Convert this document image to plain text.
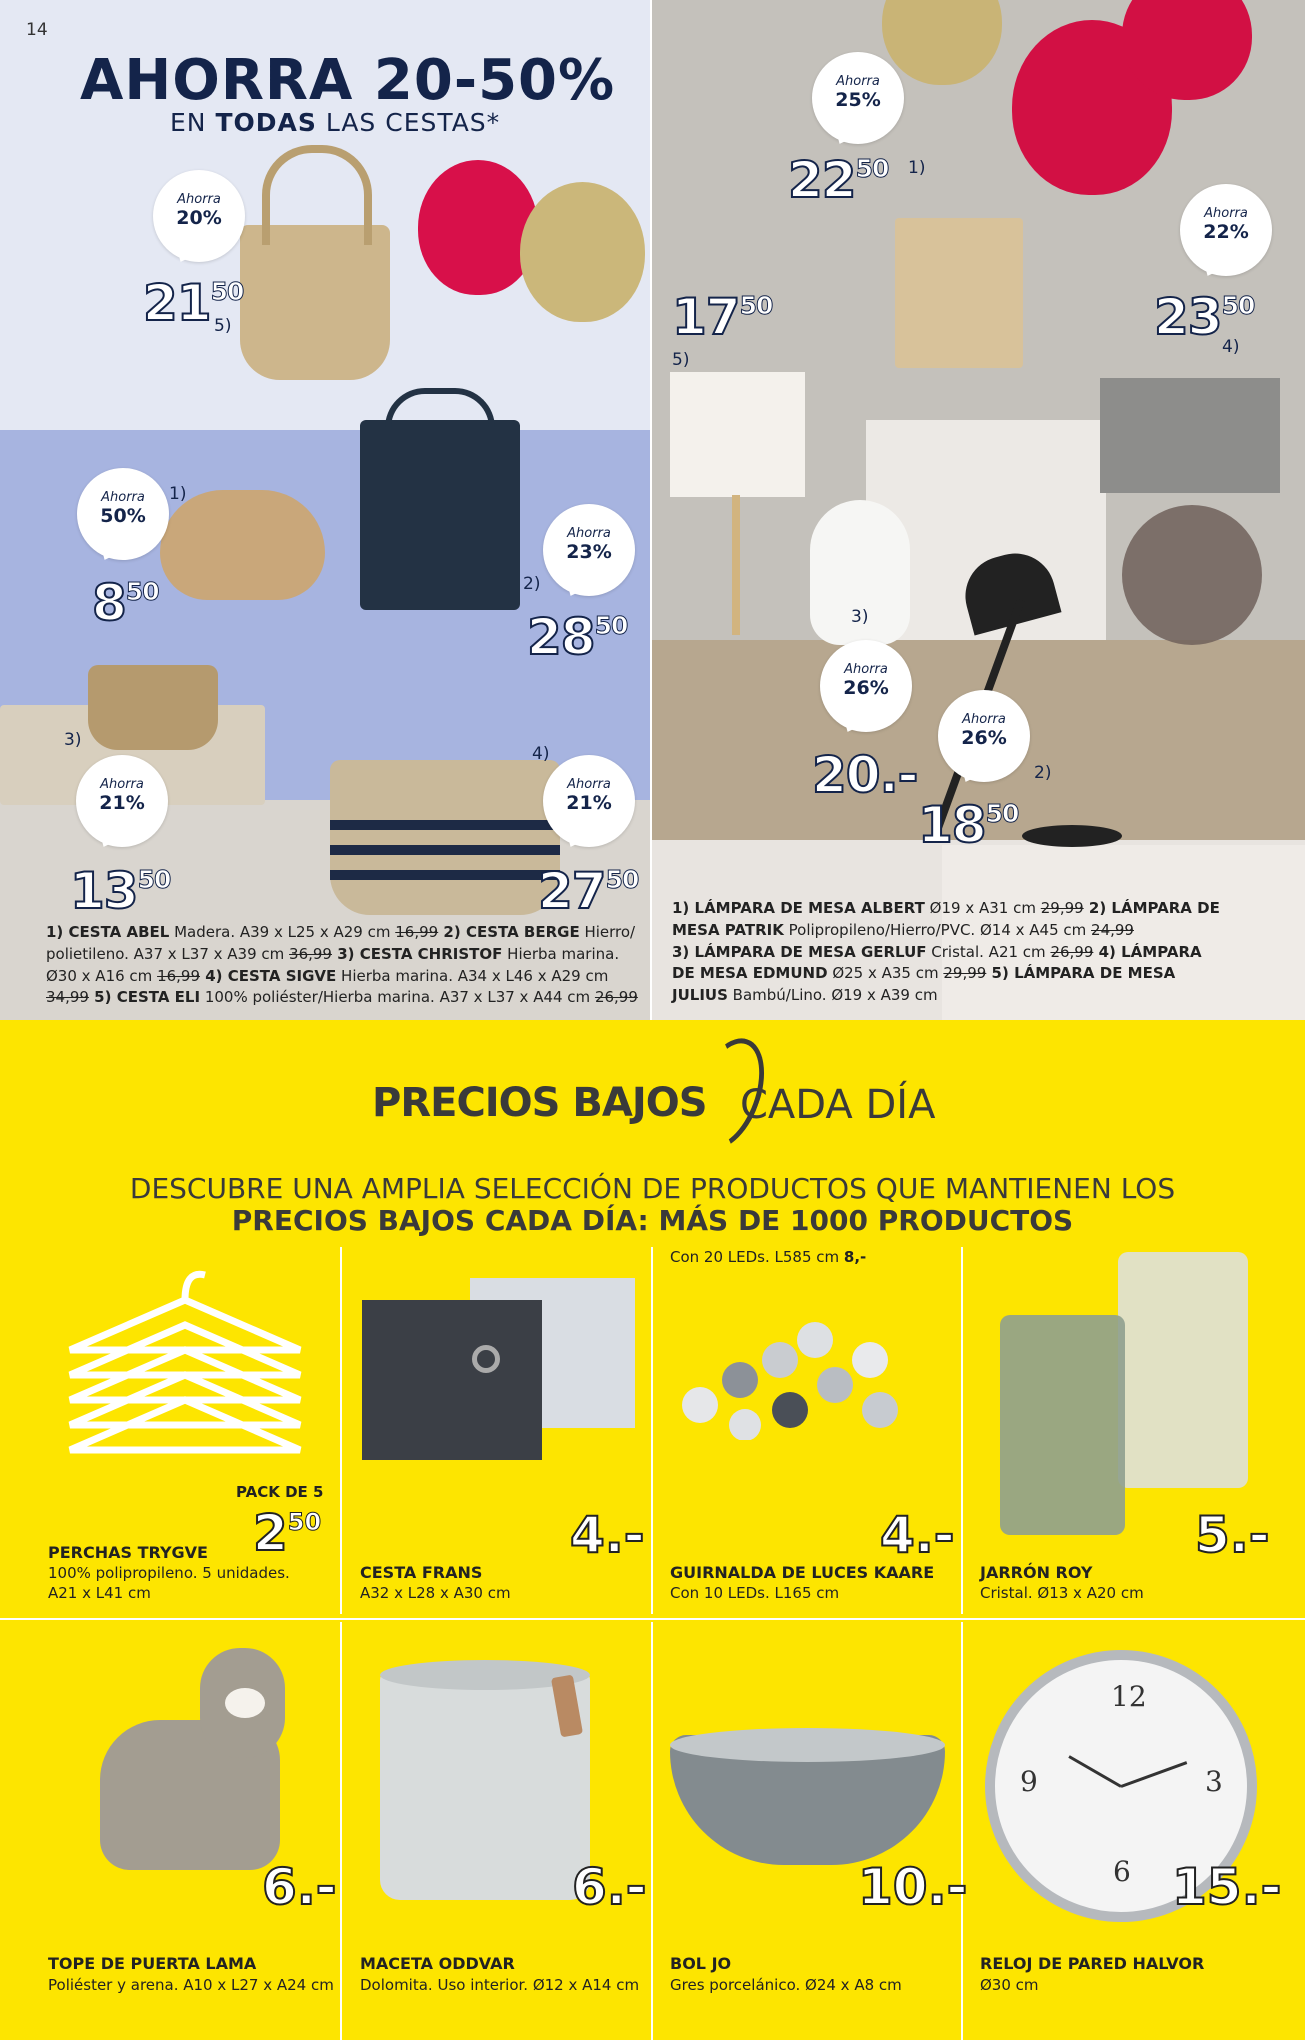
14
AHORRA 20-50%
EN TODAS LAS CESTAS*
Ahorra
20%
Ahorra
50%
Ahorra
23%
Ahorra
21%
Ahorra
21%
$21^{50}$
$8^{50}$
$28^{50}$
$13^{50}$	$27^{50}$
5)
1)
2)
3)
4)
1) CESTA ABEL Madera. A39 x L25 x A29 cm 16,99 2) CESTA BERGE Hierro/
polietileno. A37 x L37 x A39 cm 36,99 3) CESTA CHRISTOF Hierba marina.
Ø30 x A16 cm 16,99 4) CESTA SIGVE Hierba marina. A34 x L46 x A29 cm
34,99 5) CESTA ELI 100% poliéster/Hierba marina. A37 x L37 x A44 cm 26,99
Ahorra
25%
Ahorra
22%
Ahorra
26%
Ahorra
26%
$22^{50}$
$17^{50}$	$23^{50}$
20.-
$18^{50}$
1)
5)
4)
3)
2)
1) LÁMPARA DE MESA ALBERT Ø19 x A31 cm 29,99 2) LÁMPARA DE
MESA PATRIK Polipropileno/Hierro/PVC. Ø14 x A45 cm 24,99
3) LÁMPARA DE MESA GERLUF Cristal. A21 cm 26,99 4) LÁMPARA
DE MESA EDMUND Ø25 x A35 cm 29,99 5) LÁMPARA DE MESA
JULIUS Bambú/Lino. Ø19 x A39 cm
PRECIOS BAJOS CADA DÍA
DESCUBRE UNA AMPLIA SELECCIÓN DE PRODUCTOS QUE MANTIENEN LOS
PRECIOS BAJOS CADA DÍA: MÁS DE 1000 PRODUCTOS
PACK DE 5
$2^{50}$
PERCHAS TRYGVE
100% polipropileno. 5 unidades.
A21 x L41 cm
4.-
CESTA FRANS
A32 x L28 x A30 cm
Con 20 LEDs. L585 cm 8,-
4.-
GUIRNALDA DE LUCES KAARE
Con 10 LEDs. L165 cm
5.-
JARRÓN ROY
Cristal. Ø13 x A20 cm
6.-
TOPE DE PUERTA LAMA
Poliéster y arena. A10 x L27 x A24 cm
6.-
MACETA ODDVAR
Dolomita. Uso interior. Ø12 x A14 cm
10.-
BOL JO
Gres porcelánico. Ø24 x A8 cm
12
3
6
9
15.-
RELOJ DE PARED HALVOR
Ø30 cm
